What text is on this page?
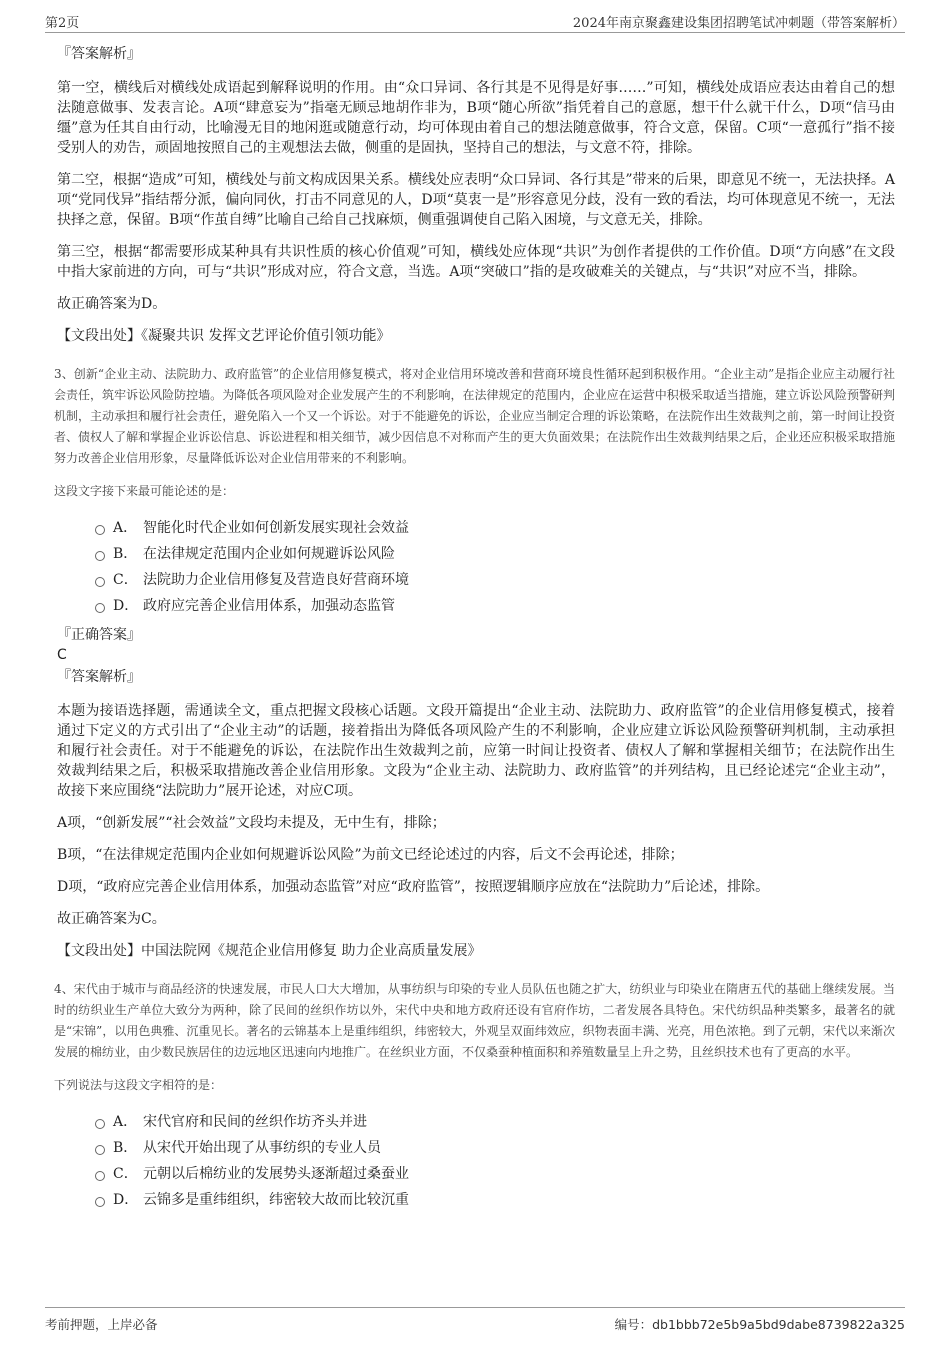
第2页	2024年南京聚鑫建设集团招聘笔试冲刺题（带答案解析）

『答案解析』

第一空，横线后对横线处成语起到解释说明的作用。由“众口异词、各行其是不见得是好事……”可知，横线处成语应表达由着自己的想法随意做事、发表言论。A项“肆意妄为”指毫无顾忌地胡作非为，B项“随心所欲”指凭着自己的意愿，想干什么就干什么，D项“信马由缰”意为任其自由行动，比喻漫无目的地闲逛或随意行动，均可体现由着自己的想法随意做事，符合文意，保留。C项“一意孤行”指不接受别人的劝告，顽固地按照自己的主观想法去做，侧重的是固执，坚持自己的想法，与文意不符，排除。

第二空，根据“造成”可知，横线处与前文构成因果关系。横线处应表明“众口异词、各行其是”带来的后果，即意见不统一，无法抉择。A项“党同伐异”指结帮分派，偏向同伙，打击不同意见的人，D项“莫衷一是”形容意见分歧，没有一致的看法，均可体现意见不统一，无法抉择之意，保留。B项“作茧自缚”比喻自己给自己找麻烦，侧重强调使自己陷入困境，与文意无关，排除。

第三空，根据“都需要形成某种具有共识性质的核心价值观”可知，横线处应体现“共识”为创作者提供的工作价值。D项“方向感”在文段中指大家前进的方向，可与“共识”形成对应，符合文意，当选。A项“突破口”指的是攻破难关的关键点，与“共识”对应不当，排除。

故正确答案为D。

【文段出处】《凝聚共识 发挥文艺评论价值引领功能》

3、创新“企业主动、法院助力、政府监管”的企业信用修复模式，将对企业信用环境改善和营商环境良性循环起到积极作用。“企业主动”是指企业应主动履行社会责任，筑牢诉讼风险防控墙。为降低各项风险对企业发展产生的不利影响，在法律规定的范围内，企业应在运营中积极采取适当措施，建立诉讼风险预警研判机制，主动承担和履行社会责任，避免陷入一个又一个诉讼。对于不能避免的诉讼，企业应当制定合理的诉讼策略，在法院作出生效裁判之前，第一时间让投资者、债权人了解和掌握企业诉讼信息、诉讼进程和相关细节，减少因信息不对称而产生的更大负面效果；在法院作出生效裁判结果之后，企业还应积极采取措施努力改善企业信用形象，尽量降低诉讼对企业信用带来的不利影响。

这段文字接下来最可能论述的是：

A． 智能化时代企业如何创新发展实现社会效益
B． 在法律规定范围内企业如何规避诉讼风险
C． 法院助力企业信用修复及营造良好营商环境
D． 政府应完善企业信用体系，加强动态监管

『正确答案』

C

『答案解析』

本题为接语选择题，需通读全文，重点把握文段核心话题。文段开篇提出“企业主动、法院助力、政府监管”的企业信用修复模式，接着通过下定义的方式引出了“企业主动”的话题，接着指出为降低各项风险产生的不利影响，企业应建立诉讼风险预警研判机制，主动承担和履行社会责任。对于不能避免的诉讼，在法院作出生效裁判之前，应第一时间让投资者、债权人了解和掌握相关细节；在法院作出生效裁判结果之后，积极采取措施改善企业信用形象。文段为“企业主动、法院助力、政府监管”的并列结构，且已经论述完“企业主动”，故接下来应围绕“法院助力”展开论述，对应C项。

A项，“创新发展”“社会效益”文段均未提及，无中生有，排除；

B项，“在法律规定范围内企业如何规避诉讼风险”为前文已经论述过的内容，后文不会再论述，排除；

D项，“政府应完善企业信用体系，加强动态监管”对应“政府监管”，按照逻辑顺序应放在“法院助力”后论述，排除。

故正确答案为C。

【文段出处】中国法院网《规范企业信用修复 助力企业高质量发展》

4、宋代由于城市与商品经济的快速发展，市民人口大大增加，从事纺织与印染的专业人员队伍也随之扩大，纺织业与印染业在隋唐五代的基础上继续发展。当时的纺织业生产单位大致分为两种，除了民间的丝织作坊以外，宋代中央和地方政府还设有官府作坊，二者发展各具特色。宋代纺织品种类繁多，最著名的就是“宋锦”，以用色典雅、沉重见长。著名的云锦基本上是重纬组织，纬密较大，外观呈双面纬效应，织物表面丰满、光亮，用色浓艳。到了元朝，宋代以来渐次发展的棉纺业，由少数民族居住的边远地区迅速向内地推广。在丝织业方面，不仅桑蚕种植面积和养殖数量呈上升之势，且丝织技术也有了更高的水平。

下列说法与这段文字相符的是：

A． 宋代官府和民间的丝织作坊齐头并进
B． 从宋代开始出现了从事纺织的专业人员
C． 元朝以后棉纺业的发展势头逐渐超过桑蚕业
D． 云锦多是重纬组织，纬密较大故而比较沉重
考前押题，上岸必备	编号：db1bbb72e5b9a5bd9dabe8739822a325
